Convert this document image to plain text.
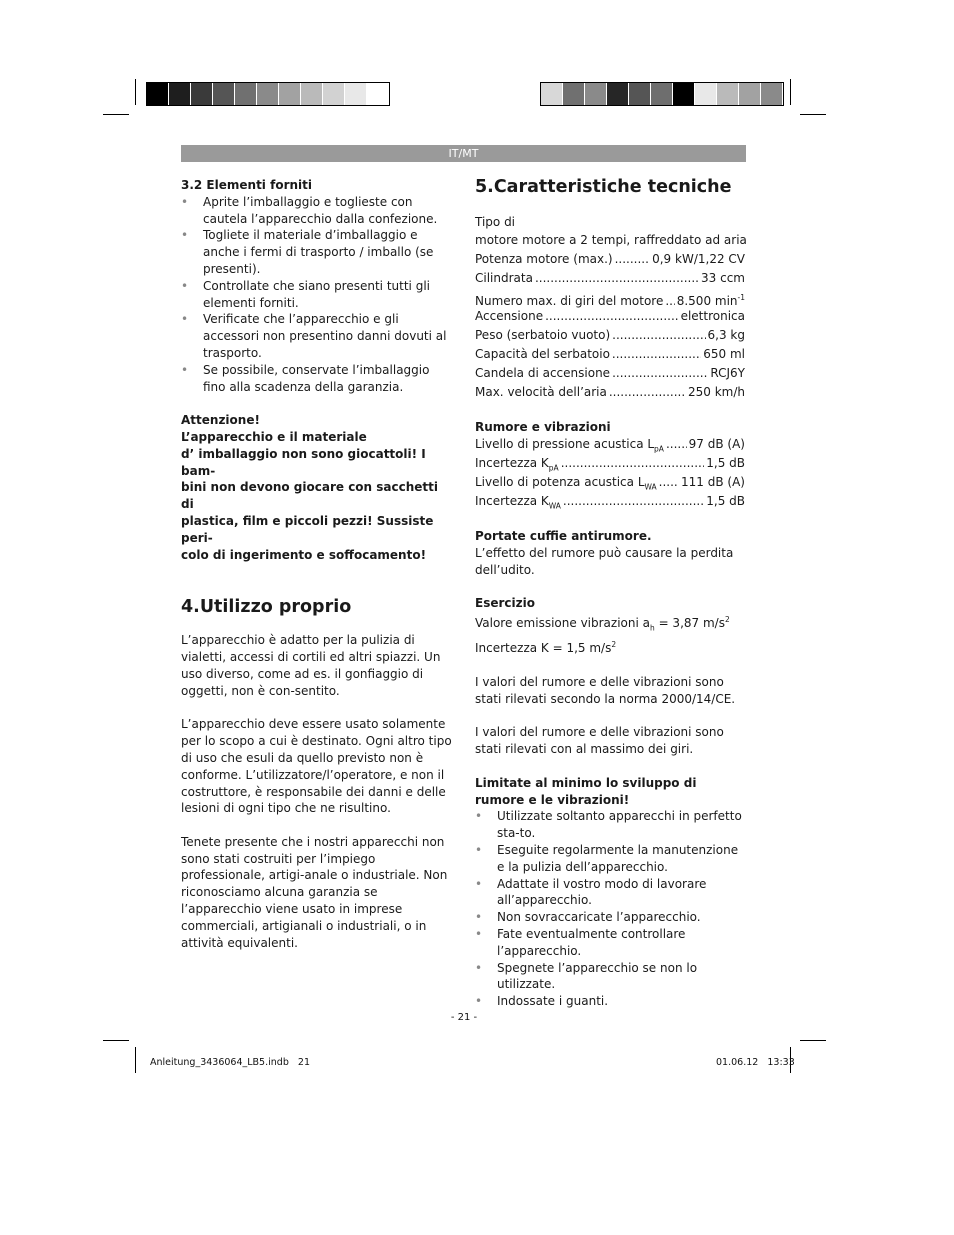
IT/MT

3.2 Elementi forniti

• Aprite l’imballaggio e toglieste con cautela l’apparecchio dalla confezione.
• Togliete il materiale d’imballaggio e anche i fermi di trasporto / imballo (se presenti).
• Controllate che siano presenti tutti gli elementi forniti.
• Verificate che l’apparecchio e gli accessori non presentino danni dovuti al trasporto.
• Se possibile, conservate l’imballaggio fino alla scadenza della garanzia.

Attenzione!
L’apparecchio e il materiale
d’ imballaggio non sono giocattoli! I bam-
bini non devono giocare con sacchetti di
plastica, film e piccoli pezzi! Sussiste peri-
colo di ingerimento e soffocamento!

4.Utilizzo proprio

L’apparecchio è adatto per la pulizia di vialetti, accessi di cortili ed altri spiazzi. Un uso diverso, come ad es. il gonfiaggio di oggetti, non è con-sentito.

L’apparecchio deve essere usato solamente per lo scopo a cui è destinato. Ogni altro tipo di uso che esuli da quello previsto non è conforme. L’utilizzatore/l’operatore, e non il costruttore, è responsabile dei danni e delle lesioni di ogni tipo che ne risultino.

Tenete presente che i nostri apparecchi non sono stati costruiti per l’impiego professionale, artigi-anale o industriale. Non riconosciamo alcuna garanzia se l’apparecchio viene usato in imprese commerciali, artigianali o industriali, o in attività equivalenti.

5.Caratteristiche tecniche

Tipo di

motore motore a 2 tempi, raffreddato ad aria
Potenza motore (max.) .....	0,9 kW/1,22 CV
Cilindrata .....	33 ccm
Numero max. di giri del motore ..... 8.500 $\min^{-1}$
Accensione .....	elettronica
Peso (serbatoio vuoto) .....	6,3 kg
Capacità del serbatoio .....	650 ml
Candela di accensione .....	RCJ6Y
Max. velocità dell’aria .....	250 km/h

Rumore e vibrazioni

Livello di pressione acustica $L_{pA}$ ..... 97 dB (A)
Incertezza $K_{pA}$ .....	1,5 dB
Livello di potenza acustica $L_{WA}$ ..... 111 dB (A)
Incertezza $K_{WA}$ .....	1,5 dB

Portate cuffie antirumore.

L’effetto del rumore può causare la perdita dell’udito.

Esercizio

Valore emissione vibrazioni $a_h = 3,87$ $m/s^2$

Incertezza K = 1,5 $m/s^2$

I valori del rumore e delle vibrazioni sono stati rilevati secondo la norma 2000/14/CE.

I valori del rumore e delle vibrazioni sono stati rilevati con al massimo dei giri.

Limitate al minimo lo sviluppo di rumore e le vibrazioni!

• Utilizzate soltanto apparecchi in perfetto sta-to.
• Eseguite regolarmente la manutenzione e la pulizia dell’apparecchio.
• Adattate il vostro modo di lavorare all’apparecchio.
• Non sovraccaricate l’apparecchio.
• Fate eventualmente controllare l’apparecchio.
• Spegnete l’apparecchio se non lo utilizzate.
• Indossate i guanti.
- 21 -
Anleitung_3436064_LB5.indb   21	01.06.12   13:33
